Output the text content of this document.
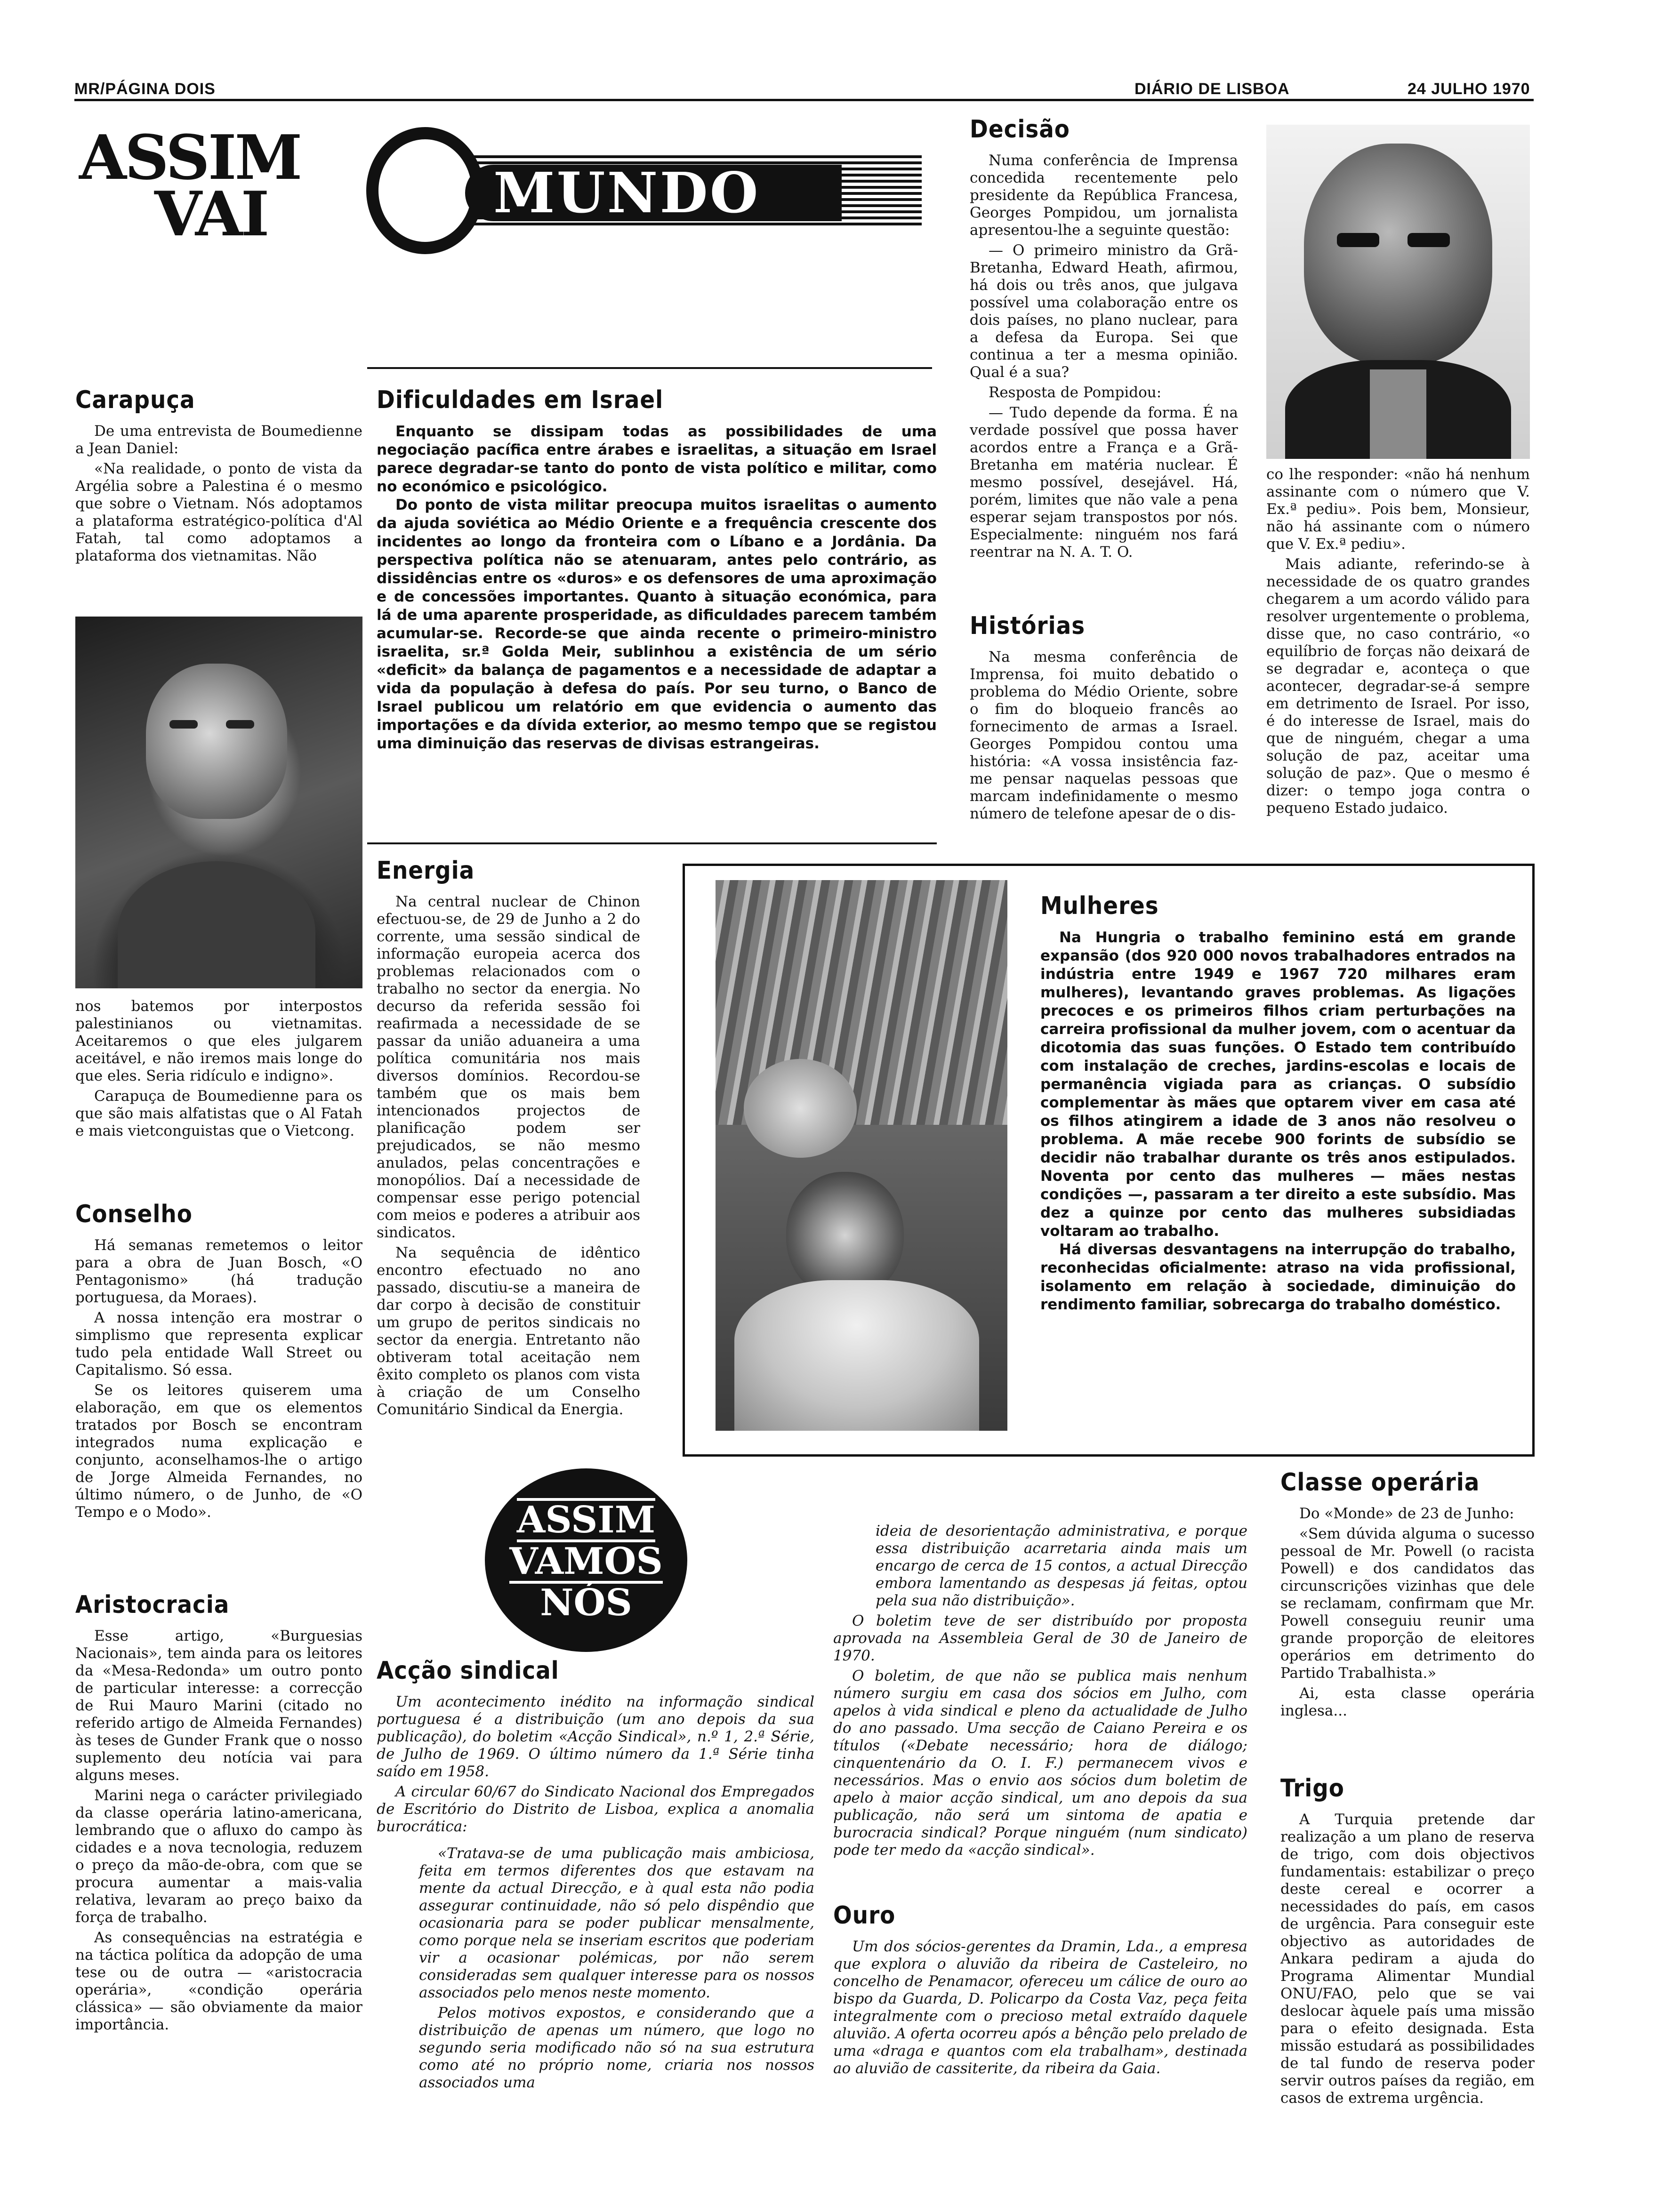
MR/PÁGINA DOIS	DIÁRIO DE LISBOA	24 JULHO 1970
ASSIM
VAI	MUNDO
Carapuça

De uma entrevista de Boumedienne a Jean Daniel:

«Na realidade, o ponto de vista da Argélia sobre a Palestina é o mesmo que sobre o Vietnam. Nós adoptamos a plataforma estratégico-política d'Al Fatah, tal como adoptamos a plataforma dos vietnamitas. Não

nos batemos por interpostos palestinianos ou vietnamitas. Aceitaremos o que eles julgarem aceitável, e não iremos mais longe do que eles. Seria ridículo e indigno».

Carapuça de Boumedienne para os que são mais alfatistas que o Al Fatah e mais vietconguistas que o Vietcong.

Conselho

Há semanas remetemos o leitor para a obra de Juan Bosch, «O Pentagonismo» (há tradução portuguesa, da Moraes).

A nossa intenção era mostrar o simplismo que representa explicar tudo pela entidade Wall Street ou Capitalismo. Só essa.

Se os leitores quiserem uma elaboração, em que os elementos tratados por Bosch se encontram integrados numa explicação e conjunto, aconselhamos-lhe o artigo de Jorge Almeida Fernandes, no último número, o de Junho, de «O Tempo e o Modo».

Aristocracia

Esse artigo, «Burguesias Nacionais», tem ainda para os leitores da «Mesa-Redonda» um outro ponto de particular interesse: a correcção de Rui Mauro Marini (citado no referido artigo de Almeida Fernandes) às teses de Gunder Frank que o nosso suplemento deu notícia vai para alguns meses.

Marini nega o carácter privilegiado da classe operária latino-americana, lembrando que o afluxo do campo às cidades e a nova tecnologia, reduzem o preço da mão-de-obra, com que se procura aumentar a mais-valia relativa, levaram ao preço baixo da força de trabalho.

As consequências na estratégia e na táctica política da adopção de uma tese ou de outra — «aristocracia operária», «condição operária clássica» — são obviamente da maior importância.

Dificuldades em Israel

Enquanto se dissipam todas as possibilidades de uma negociação pacífica entre árabes e israelitas, a situação em Israel parece degradar-se tanto do ponto de vista político e militar, como no económico e psicológico.

Do ponto de vista militar preocupa muitos israelitas o aumento da ajuda soviética ao Médio Oriente e a frequência crescente dos incidentes ao longo da fronteira com o Líbano e a Jordânia. Da perspectiva política não se atenuaram, antes pelo contrário, as dissidências entre os «duros» e os defensores de uma aproximação e de concessões importantes. Quanto à situação económica, para lá de uma aparente prosperidade, as dificuldades parecem também acumular-se. Recorde-se que ainda recente o primeiro-ministro israelita, sr.ª Golda Meir, sublinhou a existência de um sério «deficit» da balança de pagamentos e a necessidade de adaptar a vida da população à defesa do país. Por seu turno, o Banco de Israel publicou um relatório em que evidencia o aumento das importações e da dívida exterior, ao mesmo tempo que se registou uma diminuição das reservas de divisas estrangeiras.

Decisão

Numa conferência de Imprensa concedida recentemente pelo presidente da República Francesa, Georges Pompidou, um jornalista apresentou-lhe a seguinte questão:

— O primeiro ministro da Grã-Bretanha, Edward Heath, afirmou, há dois ou três anos, que julgava possível uma colaboração entre os dois países, no plano nuclear, para a defesa da Europa. Sei que continua a ter a mesma opinião. Qual é a sua?

Resposta de Pompidou:

— Tudo depende da forma. É na verdade possível que possa haver acordos entre a França e a Grã-Bretanha em matéria nuclear. É mesmo possível, desejável. Há, porém, limites que não vale a pena esperar sejam transpostos por nós. Especialmente: ninguém nos fará reentrar na N. A. T. O.

Histórias

Na mesma conferência de Imprensa, foi muito debatido o problema do Médio Oriente, sobre o fim do bloqueio francês ao fornecimento de armas a Israel. Georges Pompidou contou uma história: «A vossa insistência faz-me pensar naquelas pessoas que marcam indefinidamente o mesmo número de telefone apesar de o dis-

co lhe responder: «não há nenhum assinante com o número que V. Ex.ª pediu». Pois bem, Monsieur, não há assinante com o número que V. Ex.ª pediu».

Mais adiante, referindo-se à necessidade de os quatro grandes chegarem a um acordo válido para resolver urgentemente o problema, disse que, no caso contrário, «o equilíbrio de forças não deixará de se degradar e, aconteça o que acontecer, degradar-se-á sempre em detrimento de Israel. Por isso, é do interesse de Israel, mais do que de ninguém, chegar a uma solução de paz, aceitar uma solução de paz». Que o mesmo é dizer: o tempo joga contra o pequeno Estado judaico.

Energia

Na central nuclear de Chinon efectuou-se, de 29 de Junho a 2 do corrente, uma sessão sindical de informação europeia acerca dos problemas relacionados com o trabalho no sector da energia. No decurso da referida sessão foi reafirmada a necessidade de se passar da união aduaneira a uma política comunitária nos mais diversos domínios. Recordou-se também que os mais bem intencionados projectos de planificação podem ser prejudicados, se não mesmo anulados, pelas concentrações e monopólios. Daí a necessidade de compensar esse perigo potencial com meios e poderes a atribuir aos sindicatos.

Na sequência de idêntico encontro efectuado no ano passado, discutiu-se a maneira de dar corpo à decisão de constituir um grupo de peritos sindicais no sector da energia. Entretanto não obtiveram total aceitação nem êxito completo os planos com vista à criação de um Conselho Comunitário Sindical da Energia.

Mulheres

Na Hungria o trabalho feminino está em grande expansão (dos 920 000 novos trabalhadores entrados na indústria entre 1949 e 1967 720 milhares eram mulheres), levantando graves problemas. As ligações precoces e os primeiros filhos criam perturbações na carreira profissional da mulher jovem, com o acentuar da dicotomia das suas funções. O Estado tem contribuído com instalação de creches, jardins-escolas e locais de permanência vigiada para as crianças. O subsídio complementar às mães que optarem viver em casa até os filhos atingirem a idade de 3 anos não resolveu o problema. A mãe recebe 900 forints de subsídio se decidir não trabalhar durante os três anos estipulados. Noventa por cento das mulheres — mães nestas condições —, passaram a ter direito a este subsídio. Mas dez a quinze por cento das mulheres subsidiadas voltaram ao trabalho.

Há diversas desvantagens na interrupção do trabalho, reconhecidas oficialmente: atraso na vida profissional, isolamento em relação à sociedade, diminuição do rendimento familiar, sobrecarga do trabalho doméstico.

ASSIM
VAMOS
NÓS
Acção sindical

Um acontecimento inédito na informação sindical portuguesa é a distribuição (um ano depois da sua publicação), do boletim «Acção Sindical», n.º 1, 2.ª Série, de Julho de 1969. O último número da 1.ª Série tinha saído em 1958.

A circular 60/67 do Sindicato Nacional dos Empregados de Escritório do Distrito de Lisboa, explica a anomalia burocrática:

«Tratava-se de uma publicação mais ambiciosa, feita em termos diferentes dos que estavam na mente da actual Direcção, e à qual esta não podia assegurar continuidade, não só pelo dispêndio que ocasionaria para se poder publicar mensalmente, como porque nela se inseriam escritos que poderiam vir a ocasionar polémicas, por não serem consideradas sem qualquer interesse para os nossos associados pelo menos neste momento.

Pelos motivos expostos, e considerando que a distribuição de apenas um número, que logo no segundo seria modificado não só na sua estrutura como até no próprio nome, criaria nos nossos associados uma

ideia de desorientação administrativa, e porque essa distribuição acarretaria ainda mais um encargo de cerca de 15 contos, a actual Direcção embora lamentando as despesas já feitas, optou pela sua não distribuição».

O boletim teve de ser distribuído por proposta aprovada na Assembleia Geral de 30 de Janeiro de 1970.

O boletim, de que não se publica mais nenhum número surgiu em casa dos sócios em Julho, com apelos à vida sindical e pleno da actualidade de Julho do ano passado. Uma secção de Caiano Pereira e os títulos («Debate necessário; hora de diálogo; cinquentenário da O. I. F.) permanecem vivos e necessários. Mas o envio aos sócios dum boletim de apelo à maior acção sindical, um ano depois da sua publicação, não será um sintoma de apatia e burocracia sindical? Porque ninguém (num sindicato) pode ter medo da «acção sindical».

Ouro

Um dos sócios-gerentes da Dramin, Lda., a empresa que explora o aluvião da ribeira de Casteleiro, no concelho de Penamacor, ofereceu um cálice de ouro ao bispo da Guarda, D. Policarpo da Costa Vaz, peça feita integralmente com o precioso metal extraído daquele aluvião. A oferta ocorreu após a bênção pelo prelado de uma «draga e quantos com ela trabalham», destinada ao aluvião de cassiterite, da ribeira da Gaia.

Classe operária

Do «Monde» de 23 de Junho:

«Sem dúvida alguma o sucesso pessoal de Mr. Powell (o racista Powell) e dos candidatos das circunscrições vizinhas que dele se reclamam, confirmam que Mr. Powell conseguiu reunir uma grande proporção de eleitores operários em detrimento do Partido Trabalhista.»

Ai, esta classe operária inglesa...

Trigo

A Turquia pretende dar realização a um plano de reserva de trigo, com dois objectivos fundamentais: estabilizar o preço deste cereal e ocorrer a necessidades do país, em casos de urgência. Para conseguir este objectivo as autoridades de Ankara pediram a ajuda do Programa Alimentar Mundial ONU/FAO, pelo que se vai deslocar àquele país uma missão para o efeito designada. Esta missão estudará as possibilidades de tal fundo de reserva poder servir outros países da região, em casos de extrema urgência.
